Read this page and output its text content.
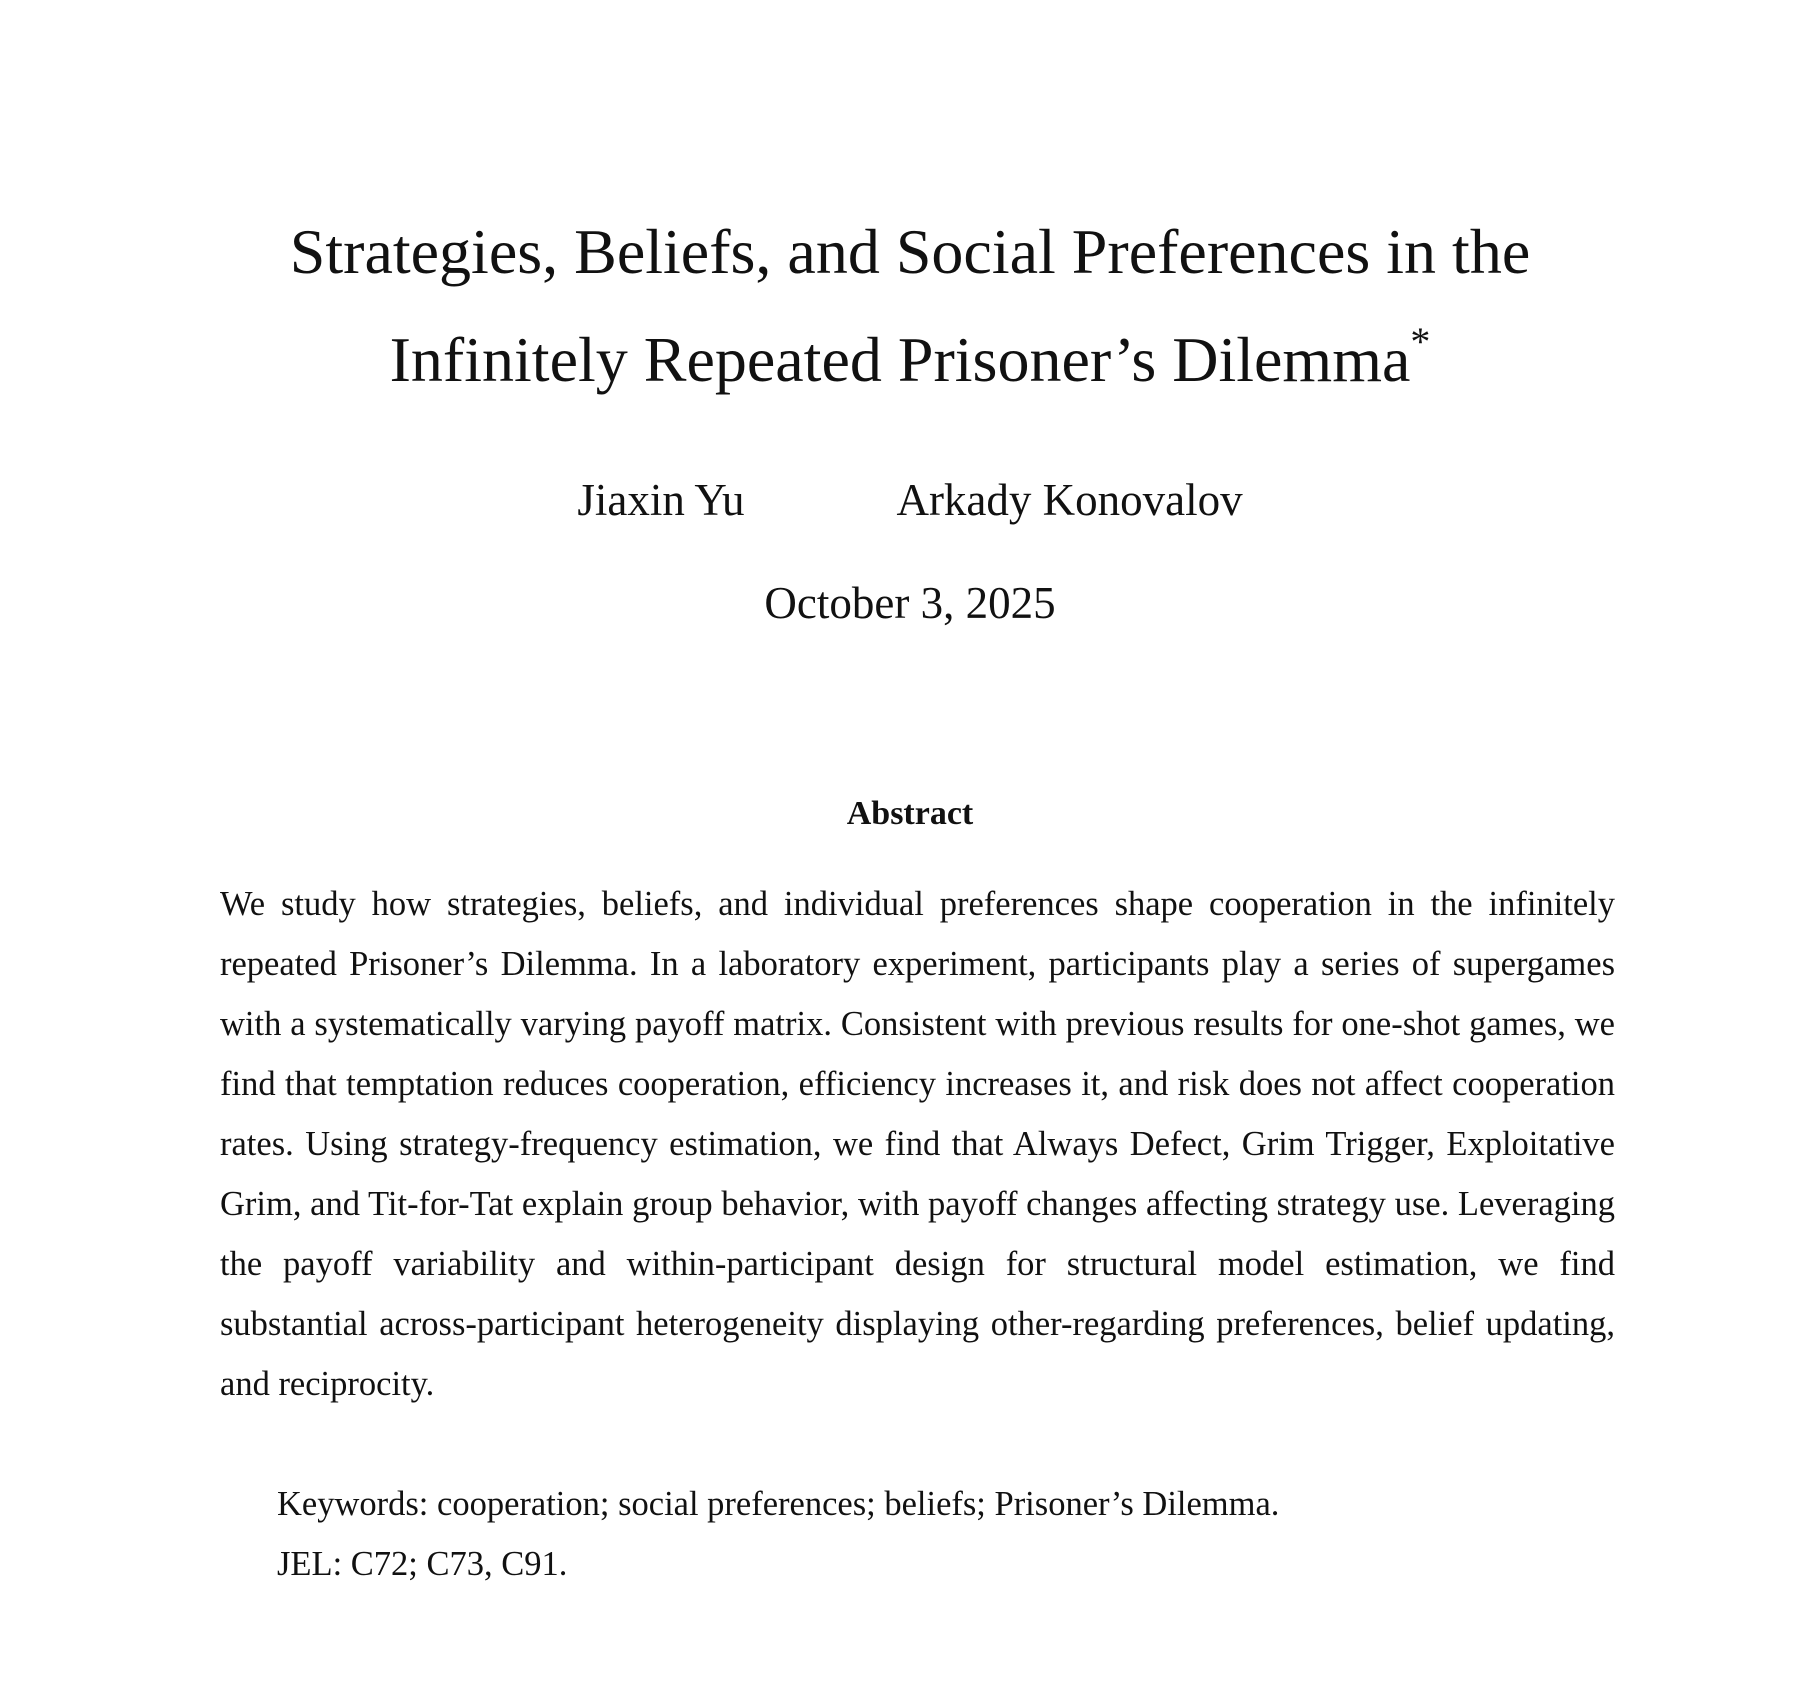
Strategies, Beliefs, and Social Preferences in the
Infinitely Repeated Prisoner’s Dilemma*
Jiaxin Yu	Arkady Konovalov
October 3, 2025
Abstract

We study how strategies, beliefs, and individual preferences shape cooperation in the infinitely repeated Prisoner’s Dilemma. In a laboratory experiment, participants play a series of supergames with a systematically varying payoff matrix. Consistent with previous results for one-shot games, we find that temptation reduces cooperation, efficiency increases it, and risk does not affect cooperation rates. Using strategy-frequency estimation, we find that Always Defect, Grim Trigger, Exploitative Grim, and Tit-for-Tat explain group behavior, with payoff changes affecting strategy use. Leveraging the payoff variability and within-participant design for structural model estimation, we find substantial across-participant heterogeneity displaying other-regarding preferences, belief updating, and reciprocity.

Keywords: cooperation; social preferences; beliefs; Prisoner’s Dilemma.
JEL: C72; C73, C91.
